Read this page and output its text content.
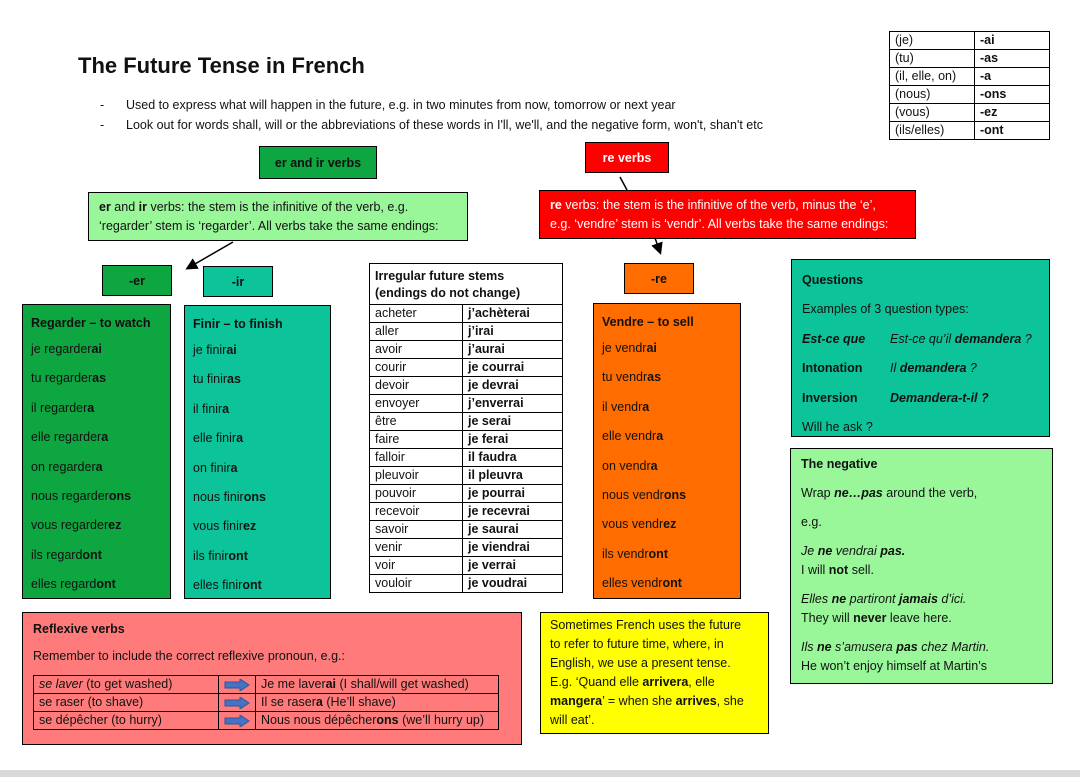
The Future Tense in French
- Used to express what will happen in the future, e.g. in two minutes from now, tomorrow or next year
- Look out for words shall, will or the abbreviations of these words in I'll, we'll, and the negative form, won't, shan't etc
(je)	-ai
(tu)	-as
(il, elle, on)	-a
(nous)	-ons
(vous)	-ez
(ils/elles)	-ont
er and ir verbs	re verbs
er and ir verbs: the stem is the infinitive of the verb, e.g.
‘regarder’ stem is ‘regarder’. All verbs take the same endings:
re verbs: the stem is the infinitive of the verb, minus the ‘e’,
e.g. ‘vendre’ stem is ‘vendr’. All verbs take the same endings:
-er	-ir	-re
Regarder – to watch
je regarderai
tu regarderas
il regardera
elle regardera
on regardera
nous regarderons
vous regarderez
ils regardont
elles regardont
Finir – to finish
je finirai
tu finiras
il finira
elle finira
on finira
nous finirons
vous finirez
ils finiront
elles finiront
Irregular future stems
(endings do not change)	

acheter	j’achèterai
aller	j’irai
avoir	j’aurai
courir	je courrai
devoir	je devrai
envoyer	j’enverrai
être	je serai
faire	je ferai
falloir	il faudra
pleuvoir	il pleuvra
pouvoir	je pourrai
recevoir	je recevrai
savoir	je saurai
venir	je viendrai
voir	je verrai
vouloir	je voudrai
Vendre – to sell
je vendrai
tu vendras
il vendra
elle vendra
on vendra
nous vendrons
vous vendrez
ils vendront
elles vendront
Questions
Examples of 3 question types:
Est-ce que Est-ce qu’il demandera ?
Intonation Il demandera ?
Inversion	Demandera-t-il ?
Will he ask ?

The negative

Wrap ne…pas around the verb,

e.g.

Je ne vendrai pas.
I will not sell.

Elles ne partiront jamais d’ici.
They will never leave here.

Ils ne s’amusera pas chez Martin.
He won’t enjoy himself at Martin’s

Reflexive verbs
Remember to include the correct reflexive pronoun, e.g.:
se laver (to get washed)		Je me laverai (I shall/will get washed)
se raser (to shave)		Il se rasera (He’ll shave)
se dépêcher (to hurry)		Nous nous dépêcherons (we’ll hurry up)
Sometimes French uses the future
to refer to future time, where, in
English, we use a present tense.
E.g. ‘Quand elle arrivera, elle
mangera’ = when she arrives, she
will eat’.
